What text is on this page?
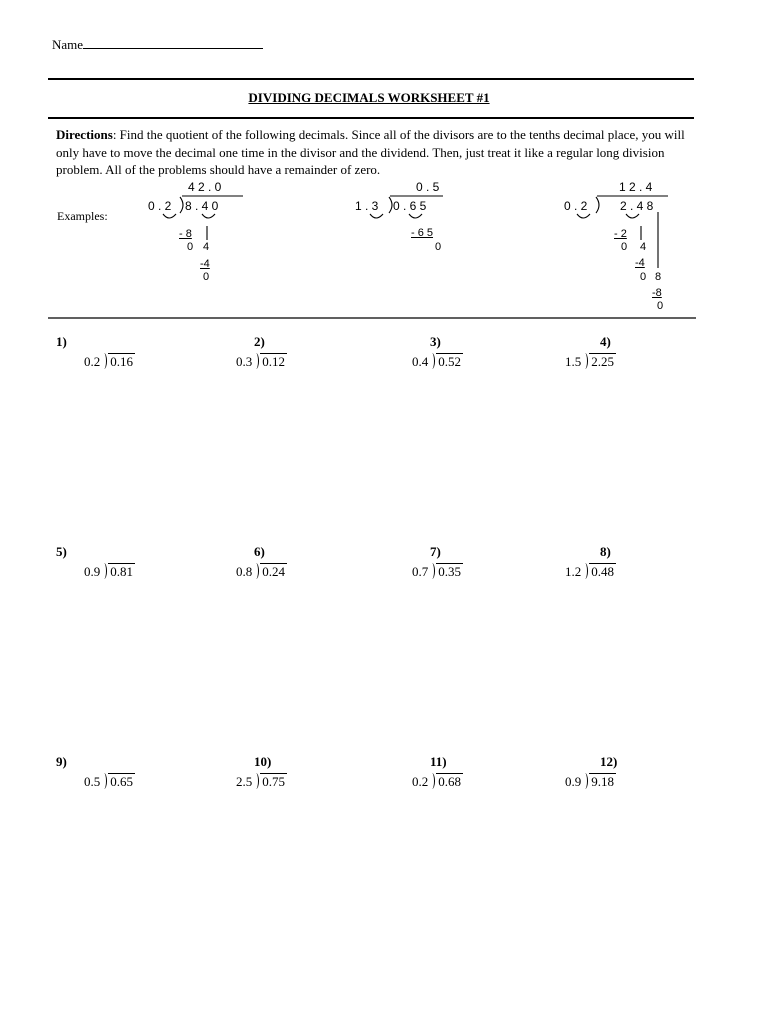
Name
DIVIDING DECIMALS WORKSHEET #1
Directions: Find the quotient of the following decimals. Since all of the divisors are to the tenths decimal place, you will only have to move the decimal one time in the divisor and the dividend. Then, just treat it like a regular long division problem. All of the problems should have a remainder of zero.
Examples:
4 2 . 0
0 . 2 8 . 4 0
- 8
0 4
-4
0
0 . 5
1 . 3 0 . 6 5
- 6 5
0
1 2 . 4
0 . 2	2 . 4 8
- 2
0 4
-4
0 8
-8
0
1)
0.2 0.16
2)
0.3 0.12
3)
0.4 0.52
4)
1.5 2.25
5)
0.9 0.81
6)
0.8 0.24
7)
0.7 0.35
8)
1.2 0.48
9)
0.5 0.65
10)
2.5 0.75
11)
0.2 0.68
12)
0.9 9.18
